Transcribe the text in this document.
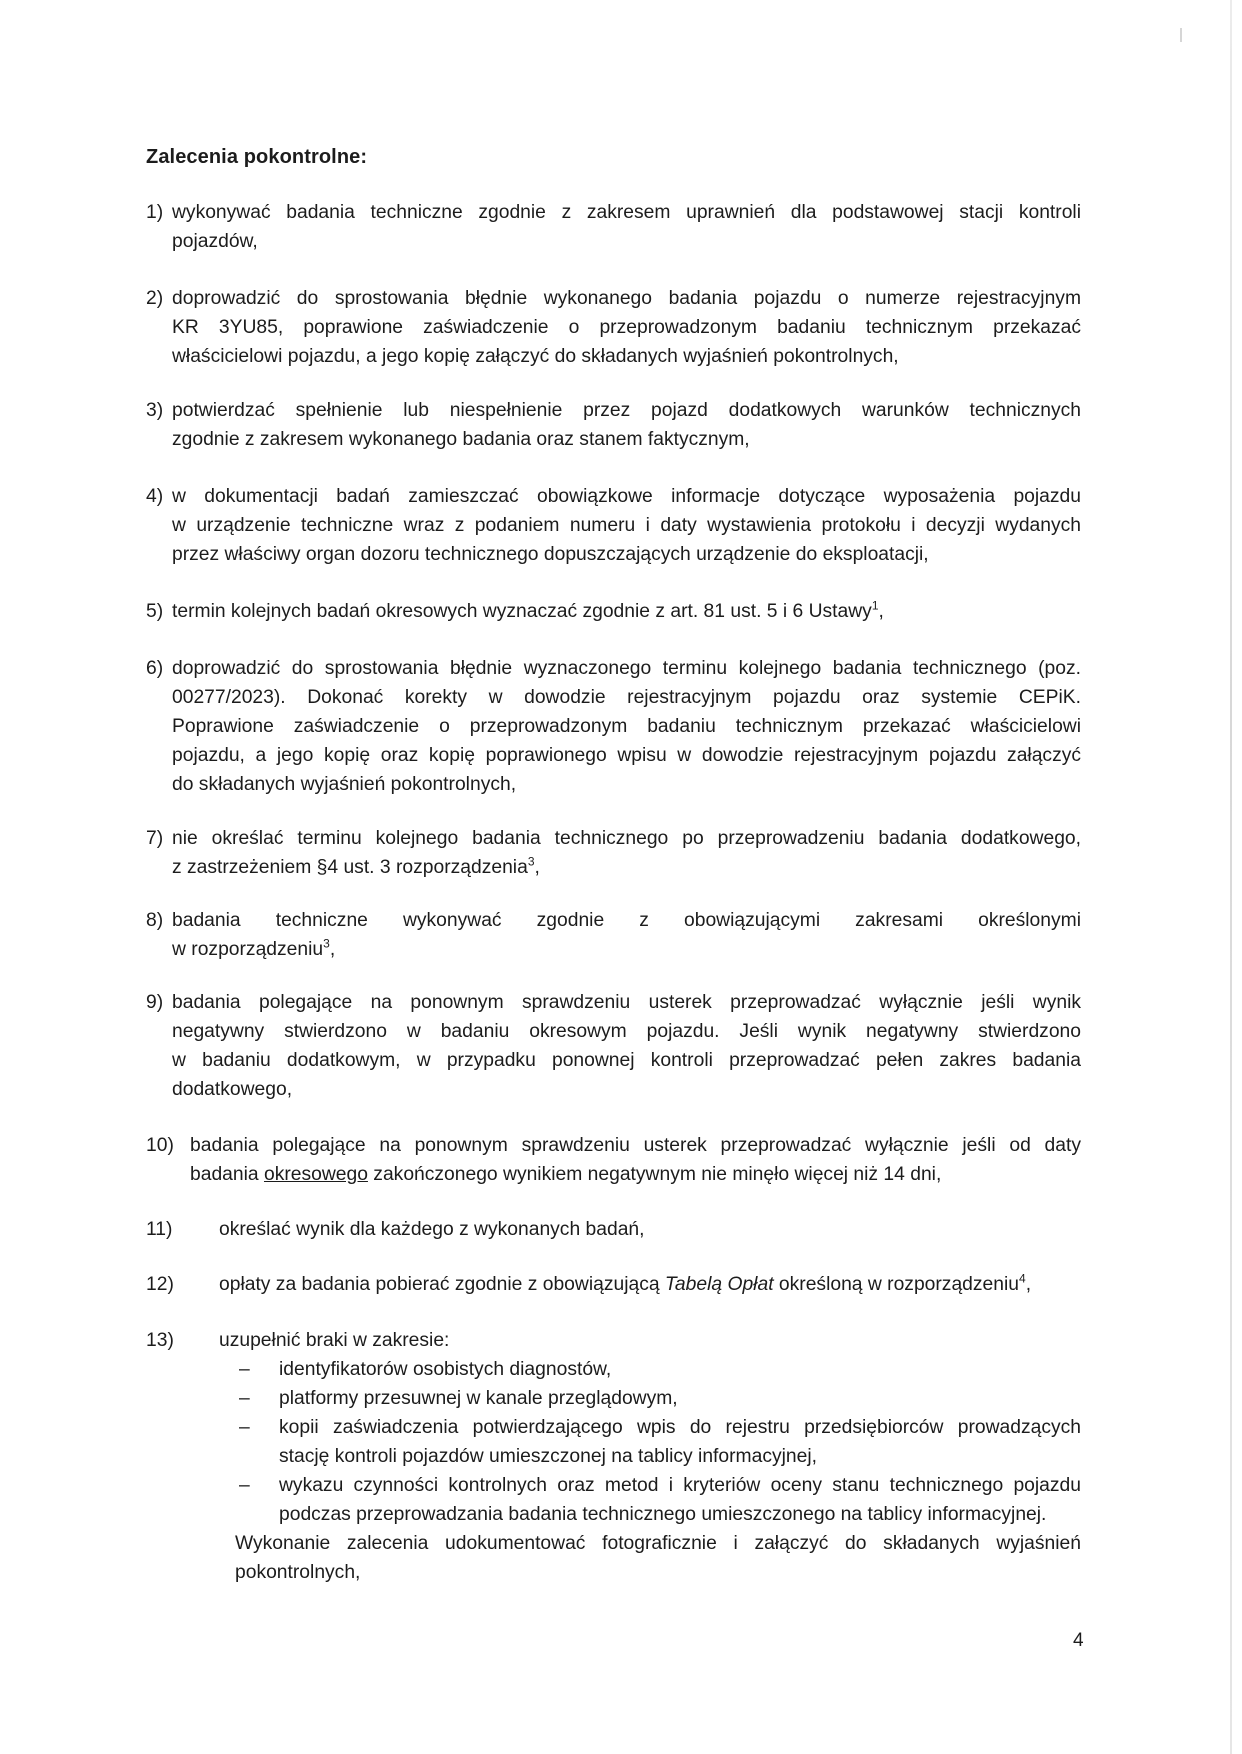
Zalecenia pokontrolne:
1) wykonywać badania techniczne zgodnie z zakresem uprawnień dla podstawowej stacji kontroli
pojazdów,
2) doprowadzić do sprostowania błędnie wykonanego badania pojazdu o numerze rejestracyjnym
KR 3YU85, poprawione zaświadczenie o przeprowadzonym badaniu technicznym przekazać
właścicielowi pojazdu, a jego kopię załączyć do składanych wyjaśnień pokontrolnych,
3) potwierdzać spełnienie lub niespełnienie przez pojazd dodatkowych warunków technicznych
zgodnie z zakresem wykonanego badania oraz stanem faktycznym,
4) w dokumentacji badań zamieszczać obowiązkowe informacje dotyczące wyposażenia pojazdu
w urządzenie techniczne wraz z podaniem numeru i daty wystawienia protokołu i decyzji wydanych
przez właściwy organ dozoru technicznego dopuszczających urządzenie do eksploatacji,
5) termin kolejnych badań okresowych wyznaczać zgodnie z art. 81 ust. 5 i 6 Ustawy$^1$,
6) doprowadzić do sprostowania błędnie wyznaczonego terminu kolejnego badania technicznego (poz.
00277/2023). Dokonać korekty w dowodzie rejestracyjnym pojazdu oraz systemie CEPiK.
Poprawione zaświadczenie o przeprowadzonym badaniu technicznym przekazać właścicielowi
pojazdu, a jego kopię oraz kopię poprawionego wpisu w dowodzie rejestracyjnym pojazdu załączyć
do składanych wyjaśnień pokontrolnych,
7) nie określać terminu kolejnego badania technicznego po przeprowadzeniu badania dodatkowego,
z zastrzeżeniem §4 ust. 3 rozporządzenia$^3$,
8) badania techniczne wykonywać zgodnie z obowiązującymi zakresami określonymi
w rozporządzeniu$^3$,
9) badania polegające na ponownym sprawdzeniu usterek przeprowadzać wyłącznie jeśli wynik
negatywny stwierdzono w badaniu okresowym pojazdu. Jeśli wynik negatywny stwierdzono
w badaniu dodatkowym, w przypadku ponownej kontroli przeprowadzać pełen zakres badania
dodatkowego,
10) badania polegające na ponownym sprawdzeniu usterek przeprowadzać wyłącznie jeśli od daty
badania okresowego zakończonego wynikiem negatywnym nie minęło więcej niż 14 dni,
11) określać wynik dla każdego z wykonanych badań,
12) opłaty za badania pobierać zgodnie z obowiązującą Tabelą Opłat określoną w rozporządzeniu$^4$,
13) uzupełnić braki w zakresie:
– identyfikatorów osobistych diagnostów,
– platformy przesuwnej w kanale przeglądowym,
– kopii zaświadczenia potwierdzającego wpis do rejestru przedsiębiorców prowadzących
stację kontroli pojazdów umieszczonej na tablicy informacyjnej,
– wykazu czynności kontrolnych oraz metod i kryteriów oceny stanu technicznego pojazdu
podczas przeprowadzania badania technicznego umieszczonego na tablicy informacyjnej.
Wykonanie zalecenia udokumentować fotograficznie i załączyć do składanych wyjaśnień
pokontrolnych,
4
